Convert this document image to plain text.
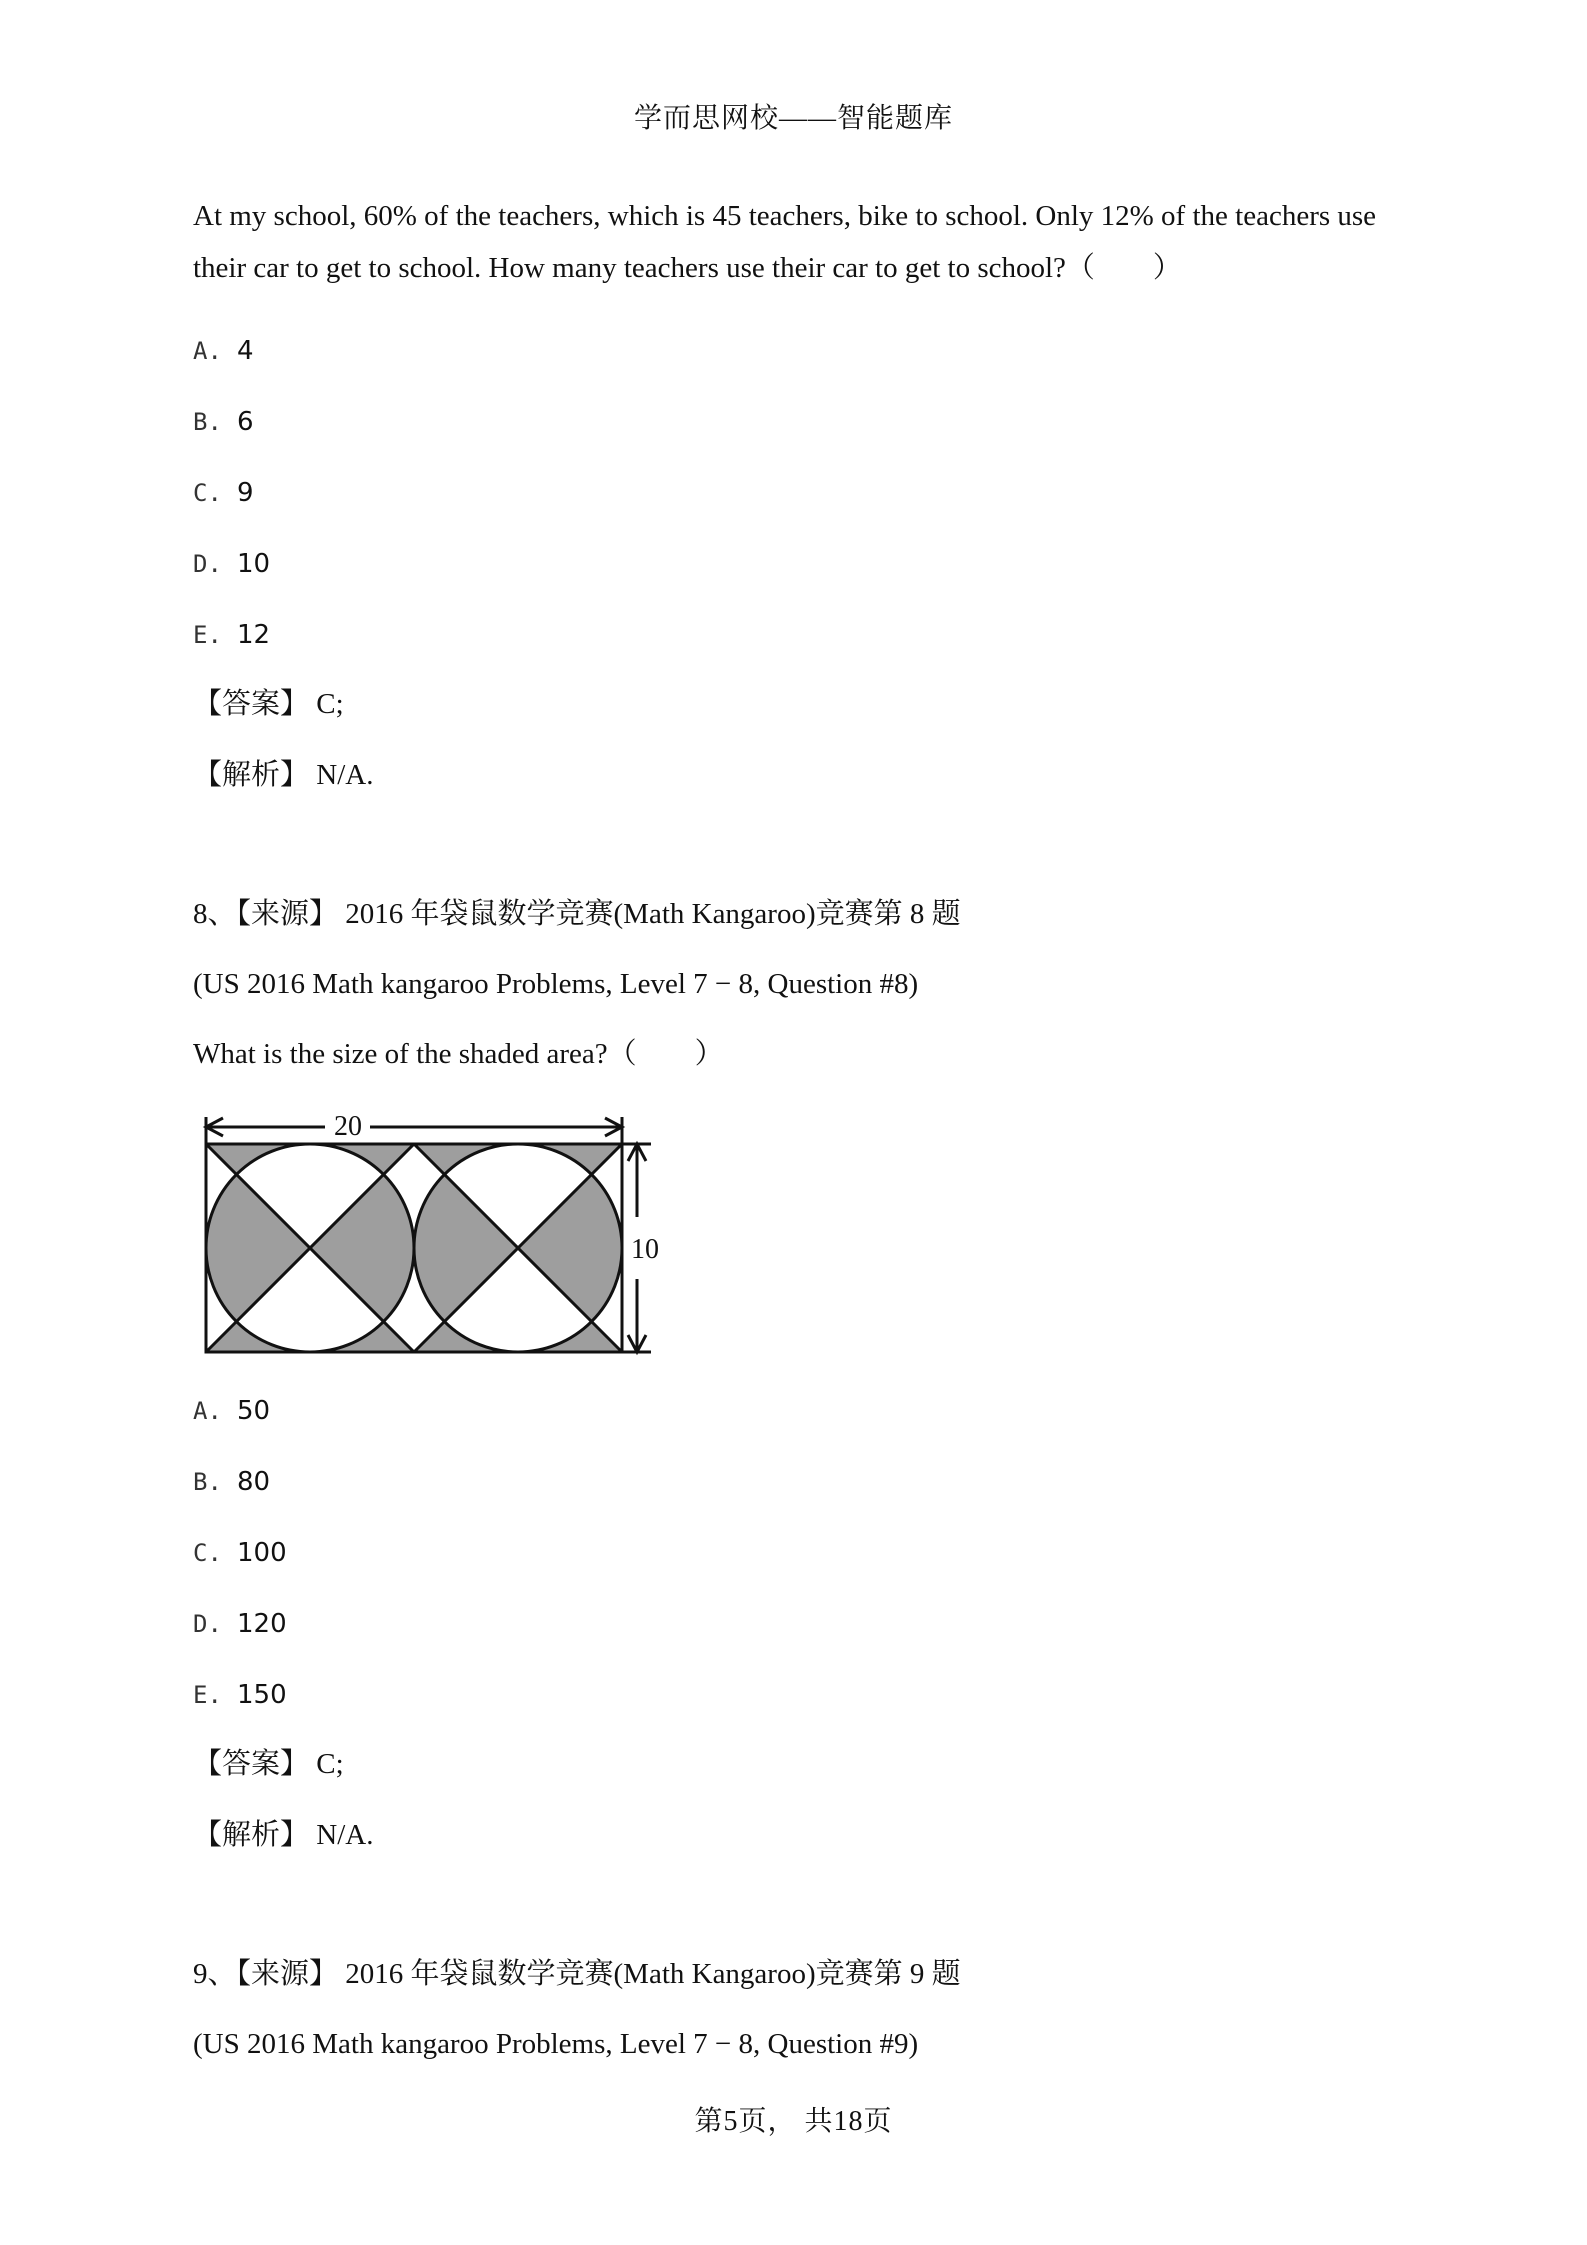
学而思网校——智能题库

At my school, 60% of the teachers, which is 45 teachers, bike to school. Only 12% of the teachers use

their car to get to school. How many teachers use their car to get to school?（　　）

A. 4
B. 6
C. 9
D. 10
E. 12
【答案】 C;
【解析】 N/A.
8、【来源】 2016 年袋鼠数学竞赛(Math Kangaroo)竞赛第 8 题
(US 2016 Math kangaroo Problems, Level 7 − 8, Question #8)
What is the size of the shaded area?（　　）
20
10
A. 50
B. 80
C. 100
D. 120
E. 150
【答案】 C;
【解析】 N/A.
9、【来源】 2016 年袋鼠数学竞赛(Math Kangaroo)竞赛第 9 题
(US 2016 Math kangaroo Problems, Level 7 − 8, Question #9)
第5页， 共18页
